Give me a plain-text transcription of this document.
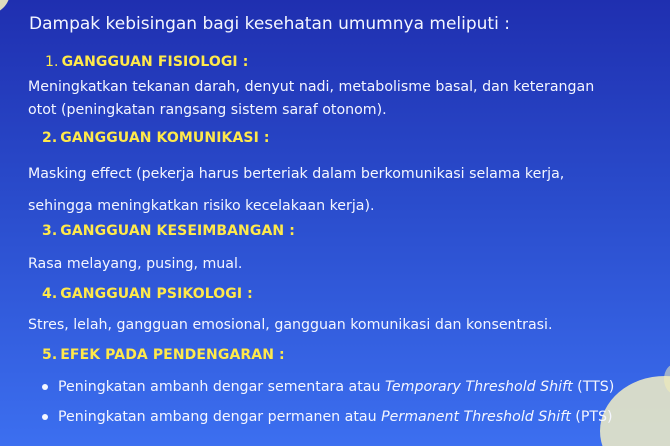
Dampak kebisingan bagi kesehatan umumnya meliputi :
1. GANGGUAN FISIOLOGI :
Meningkatkan tekanan darah, denyut nadi, metabolisme basal, dan keterangan
otot (peningkatan rangsang sistem saraf otonom).
2. GANGGUAN KOMUNIKASI :
Masking effect (pekerja harus berteriak dalam berkomunikasi selama kerja,
sehingga meningkatkan risiko kecelakaan kerja).
3. GANGGUAN KESEIMBANGAN :
Rasa melayang, pusing, mual.
4. GANGGUAN PSIKOLOGI :
Stres, lelah, gangguan emosional, gangguan komunikasi dan konsentrasi.
5. EFEK PADA PENDENGARAN :
Peningkatan ambanh dengar sementara atau Temporary Threshold Shift (TTS)
Peningkatan ambang dengar permanen atau Permanent Threshold Shift (PTS)
